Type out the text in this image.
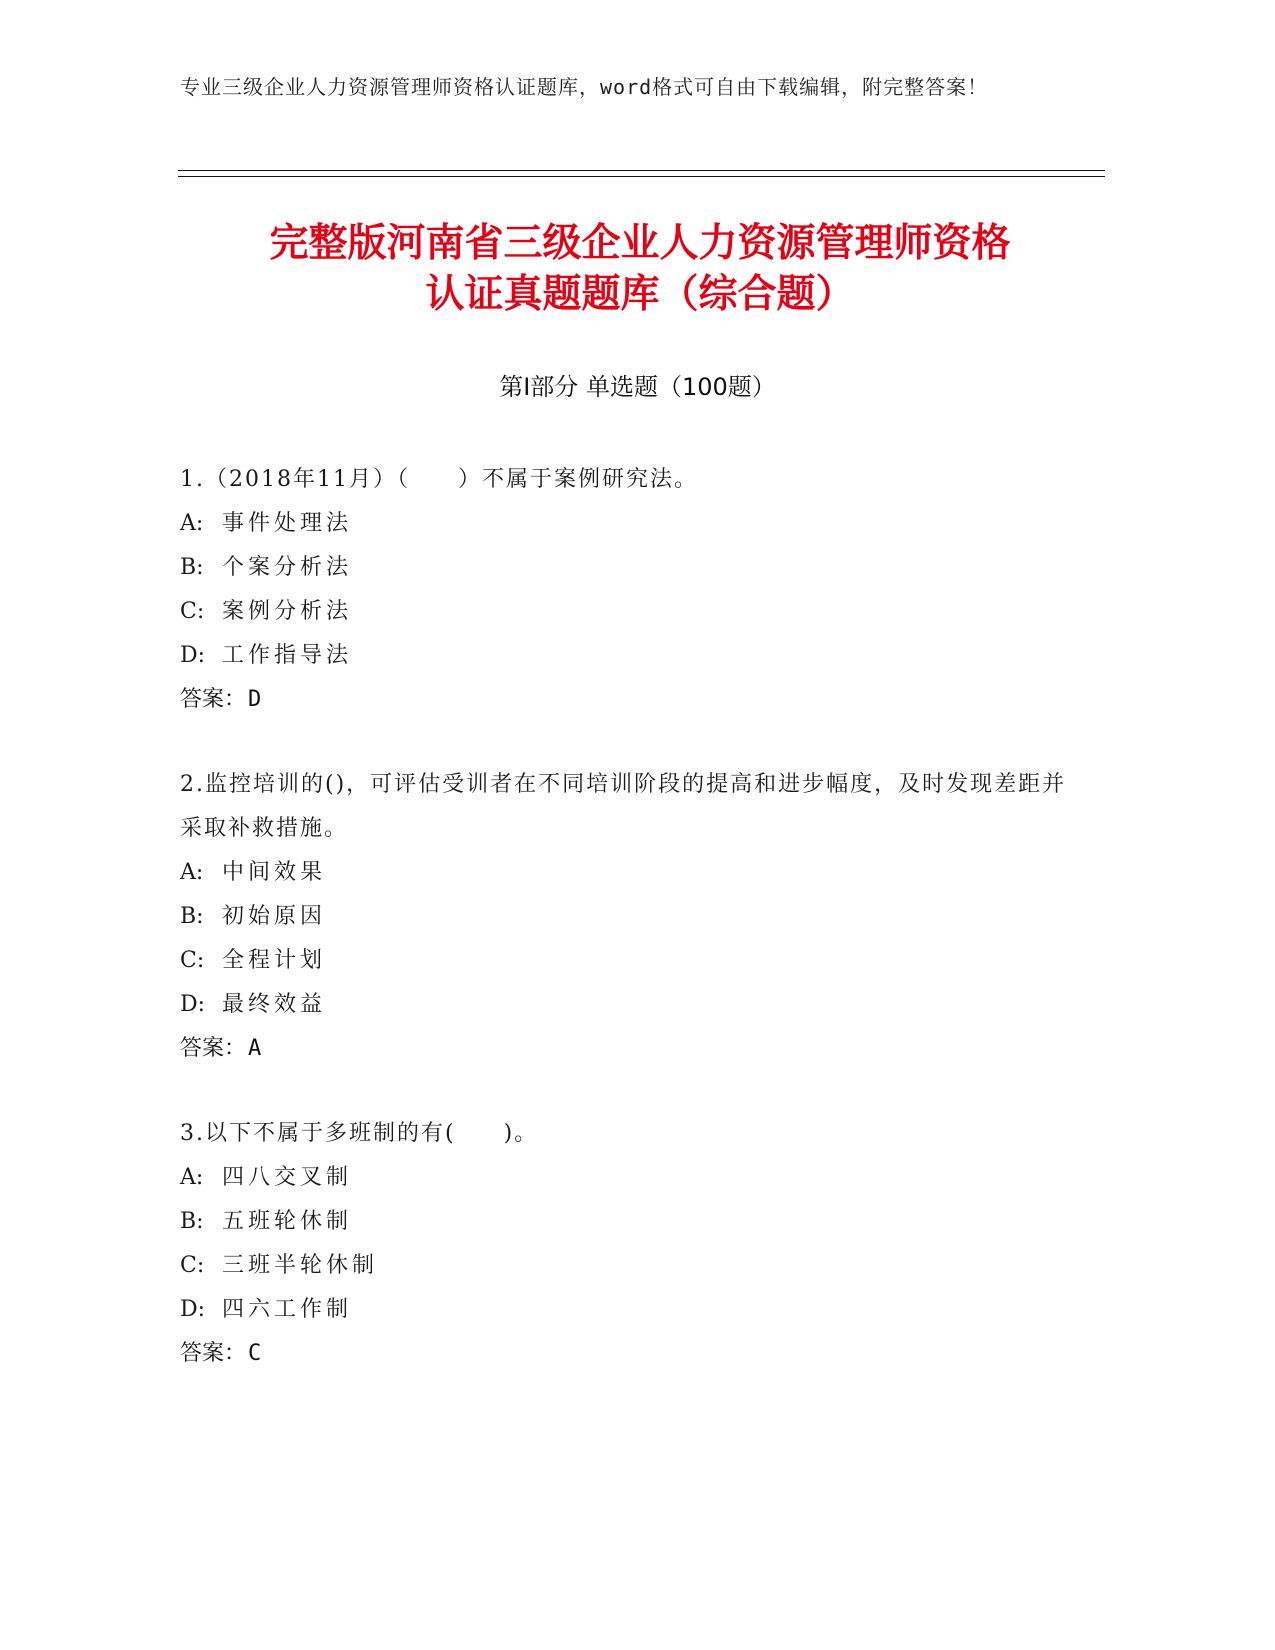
专业三级企业人力资源管理师资格认证题库，word格式可自由下载编辑，附完整答案！
完整版河南省三级企业人力资源管理师资格
认证真题题库（综合题）
第I部分 单选题（100题）

1.（2018年11月）（　　）不属于案例研究法。

A: 事件处理法

B: 个案分析法

C: 案例分析法

D: 工作指导法

答案：D

2.监控培训的()，可评估受训者在不同培训阶段的提高和进步幅度，及时发现差距并采取补救措施。

A: 中间效果

B: 初始原因

C: 全程计划

D: 最终效益

答案：A

3.以下不属于多班制的有(　　)。

A: 四八交叉制

B: 五班轮休制

C: 三班半轮休制

D: 四六工作制

答案：C
